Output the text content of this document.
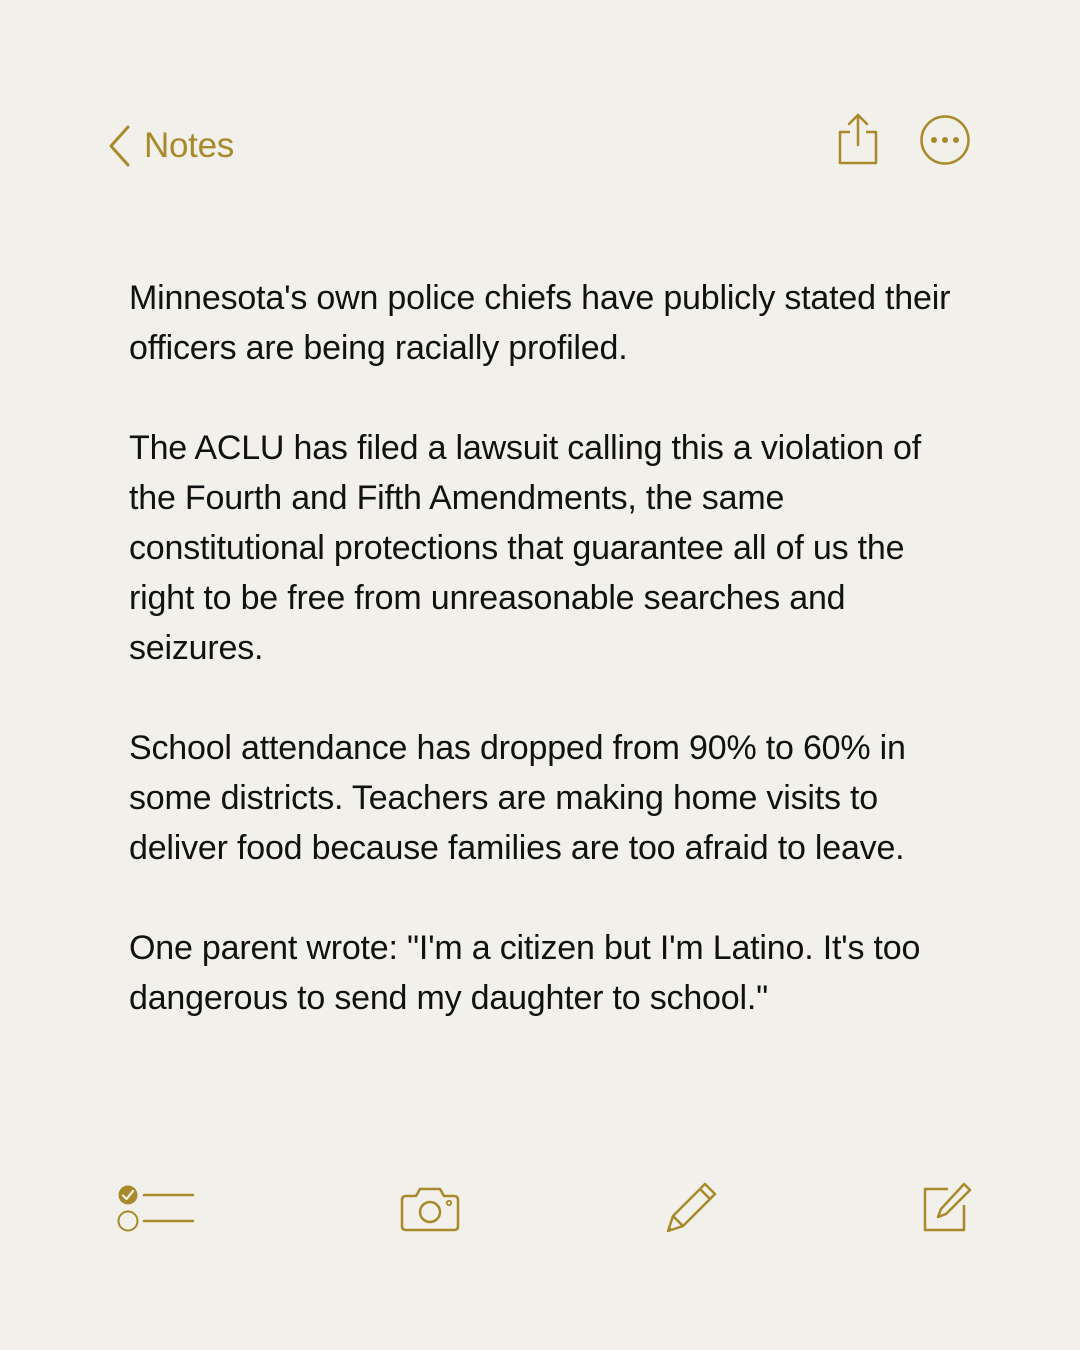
Notes

Minnesota's own police chiefs have publicly stated their officers are being racially profiled.

The ACLU has filed a lawsuit calling this a violation of the Fourth and Fifth Amendments, the same constitutional protections that guarantee all of us the right to be free from unreasonable searches and seizures.

School attendance has dropped from 90% to 60% in some districts. Teachers are making home visits to deliver food because families are too afraid to leave.

One parent wrote: "I'm a citizen but I'm Latino. It's too dangerous to send my daughter to school."
